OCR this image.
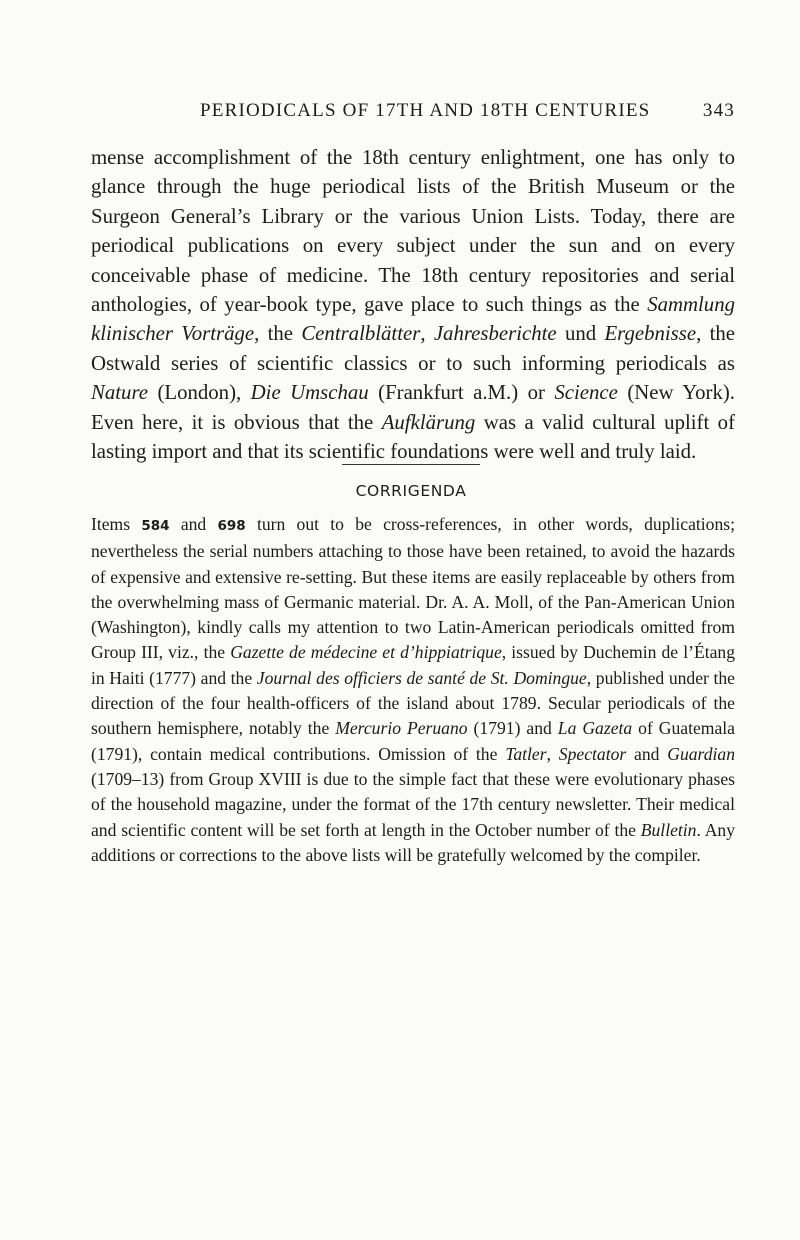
PERIODICALS OF 17TH AND 18TH CENTURIES	343

mense accomplishment of the 18th century enlightment, one has only to glance through the huge periodical lists of the British Museum or the Surgeon General’s Library or the various Union Lists. Today, there are periodical publications on every subject under the sun and on every conceivable phase of medicine. The 18th century repositories and serial anthologies, of year-book type, gave place to such things as the Sammlung klinischer Vorträge, the Centralblätter, Jahresberichte und Ergebnisse, the Ostwald series of scientific classics or to such informing periodicals as Nature (London), Die Umschau (Frankfurt a.M.) or Science (New York). Even here, it is obvious that the Aufklärung was a valid cultural uplift of lasting import and that its scientific foundations were well and truly laid.

CORRIGENDA

Items 584 and 698 turn out to be cross-references, in other words, duplications; nevertheless the serial numbers attaching to those have been retained, to avoid the hazards of expensive and extensive re-setting. But these items are easily replaceable by others from the overwhelming mass of Germanic material. Dr. A. A. Moll, of the Pan-American Union (Washington), kindly calls my attention to two Latin-American periodicals omitted from Group III, viz., the Gazette de médecine et d’hippiatrique, issued by Duchemin de l’Étang in Haiti (1777) and the Journal des officiers de santé de St. Domingue, published under the direction of the four health-officers of the island about 1789. Secular periodicals of the southern hemisphere, notably the Mercurio Peruano (1791) and La Gazeta of Guatemala (1791), contain medical contributions. Omission of the Tatler, Spectator and Guardian (1709–13) from Group XVIII is due to the simple fact that these were evolutionary phases of the household magazine, under the format of the 17th century newsletter. Their medical and scientific content will be set forth at length in the October number of the Bulletin. Any additions or corrections to the above lists will be gratefully welcomed by the compiler.
